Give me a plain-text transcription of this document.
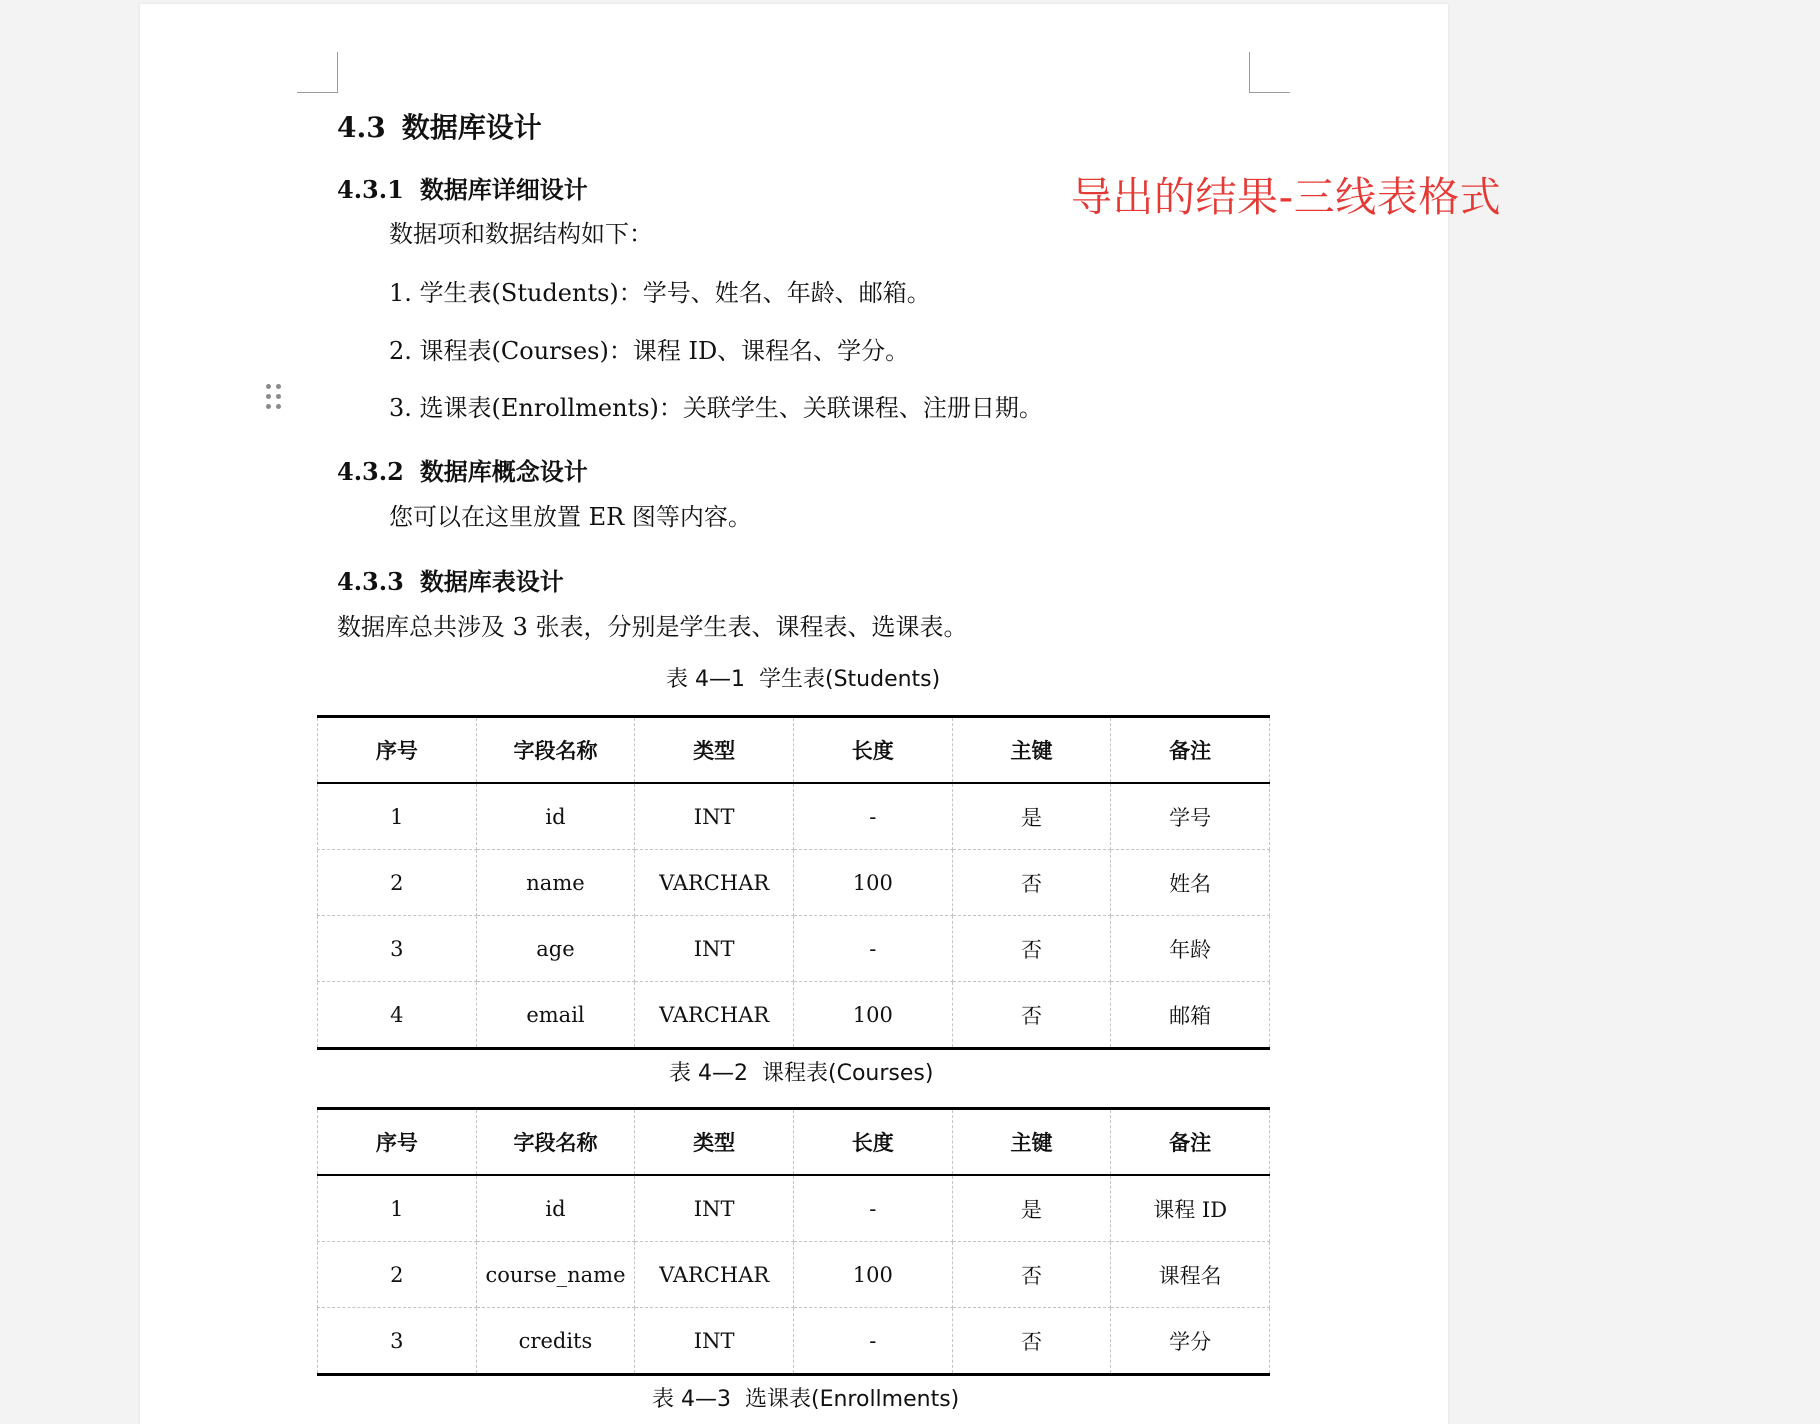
导出的结果-三线表格式
4.3 数据库设计
4.3.1 数据库详细设计
数据项和数据结构如下：
1. 学生表(Students)：学号、姓名、年龄、邮箱。
2. 课程表(Courses)：课程 ID、课程名、学分。
3. 选课表(Enrollments)：关联学生、关联课程、注册日期。
4.3.2 数据库概念设计
您可以在这里放置 ER 图等内容。
4.3.3 数据库表设计
数据库总共涉及 3 张表，分别是学生表、课程表、选课表。
表 4—1 学生表(Students)
序号	字段名称	类型	长度	主键	备注
1	id	INT	-	是	学号
2	name	VARCHAR	100	否	姓名
3	age	INT	-	否	年龄
4	email	VARCHAR	100	否	邮箱
表 4—2 课程表(Courses)
序号	字段名称	类型	长度	主键	备注
1	id	INT	-	是	课程 ID
2	course_name	VARCHAR	100	否	课程名
3	credits	INT	-	否	学分
表 4—3 选课表(Enrollments)
